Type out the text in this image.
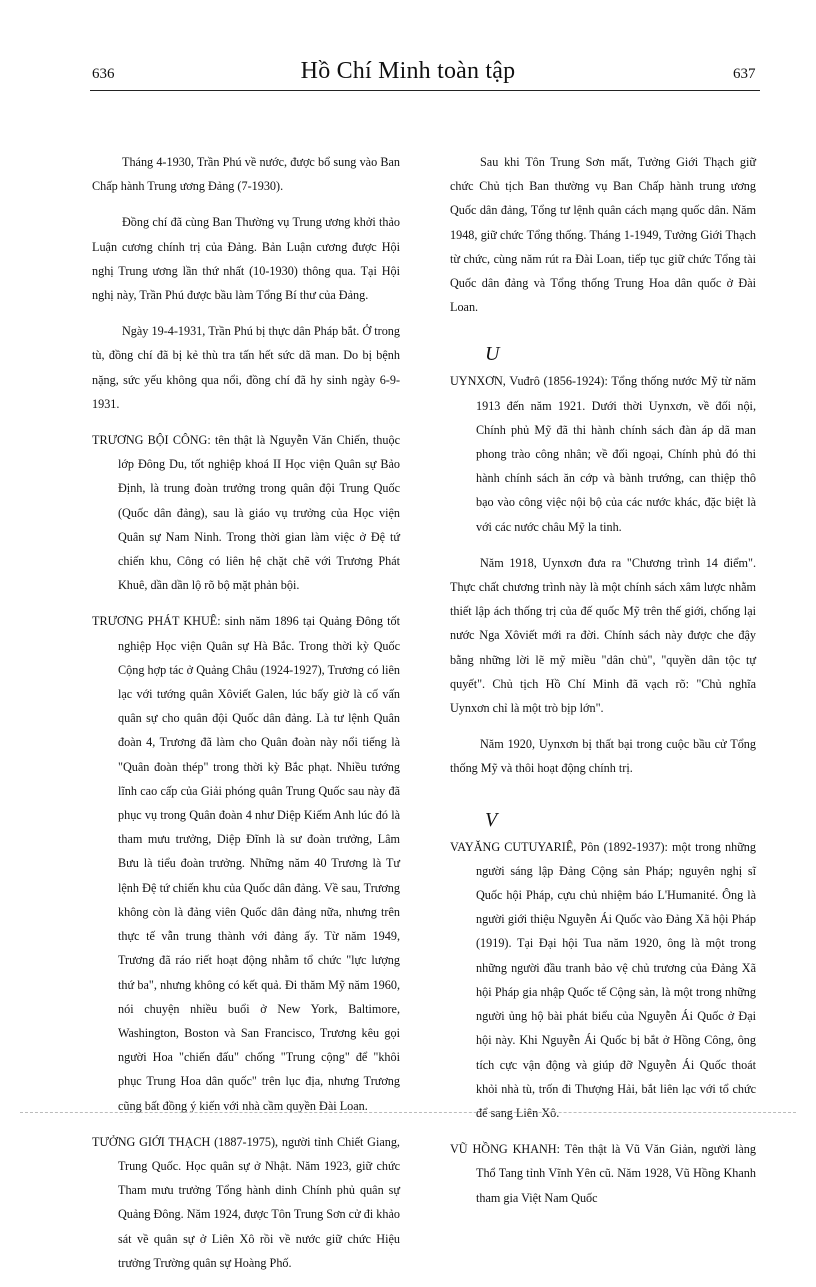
636	Hồ Chí Minh toàn tập	637

Tháng 4-1930, Trần Phú về nước, được bổ sung vào Ban Chấp hành Trung ương Đảng (7-1930).

Đồng chí đã cùng Ban Thường vụ Trung ương khởi thảo Luận cương chính trị của Đảng. Bản Luận cương được Hội nghị Trung ương lần thứ nhất (10-1930) thông qua. Tại Hội nghị này, Trần Phú được bầu làm Tổng Bí thư của Đảng.

Ngày 19-4-1931, Trần Phú bị thực dân Pháp bắt. Ở trong tù, đồng chí đã bị kẻ thù tra tấn hết sức dã man. Do bị bệnh nặng, sức yếu không qua nổi, đồng chí đã hy sinh ngày 6-9-1931.

TRƯƠNG BỘI CÔNG: tên thật là Nguyễn Văn Chiến, thuộc lớp Đông Du, tốt nghiệp khoá II Học viện Quân sự Bảo Định, là trung đoàn trưởng trong quân đội Trung Quốc (Quốc dân đảng), sau là giáo vụ trưởng của Học viện Quân sự Nam Ninh. Trong thời gian làm việc ở Đệ tứ chiến khu, Công có liên hệ chặt chẽ với Trương Phát Khuê, dần dần lộ rõ bộ mặt phản bội.

TRƯƠNG PHÁT KHUÊ: sinh năm 1896 tại Quảng Đông tốt nghiệp Học viện Quân sự Hà Bắc. Trong thời kỳ Quốc Cộng hợp tác ở Quảng Châu (1924-1927), Trương có liên lạc với tướng quân Xôviết Galen, lúc bấy giờ là cố vấn quân sự cho quân đội Quốc dân đảng. Là tư lệnh Quân đoàn 4, Trương đã làm cho Quân đoàn này nổi tiếng là "Quân đoàn thép" trong thời kỳ Bắc phạt. Nhiều tướng lĩnh cao cấp của Giải phóng quân Trung Quốc sau này đã phục vụ trong Quân đoàn 4 như Diệp Kiếm Anh lúc đó là tham mưu trưởng, Diệp Đĩnh là sư đoàn trưởng, Lâm Bưu là tiểu đoàn trưởng. Những năm 40 Trương là Tư lệnh Đệ tứ chiến khu của Quốc dân đảng. Về sau, Trương không còn là đảng viên Quốc dân đảng nữa, nhưng trên thực tế vẫn trung thành với đảng ấy. Từ năm 1949, Trương đã ráo riết hoạt động nhằm tổ chức "lực lượng thứ ba", nhưng không có kết quả. Đi thăm Mỹ năm 1960, nói chuyện nhiều buổi ở New York, Baltimore, Washington, Boston và San Francisco, Trương kêu gọi người Hoa "chiến đấu" chống "Trung cộng" để "khôi phục Trung Hoa dân quốc" trên lục địa, nhưng Trương cũng bất đồng ý kiến với nhà cầm quyền Đài Loan.

TƯỞNG GIỚI THẠCH (1887-1975), người tỉnh Chiết Giang, Trung Quốc. Học quân sự ở Nhật. Năm 1923, giữ chức Tham mưu trưởng Tổng hành dinh Chính phủ quân sự Quảng Đông. Năm 1924, được Tôn Trung Sơn cử đi khảo sát về quân sự ở Liên Xô rồi về nước giữ chức Hiệu trưởng Trường quân sự Hoàng Phố.

Sau khi Tôn Trung Sơn mất, Tưởng Giới Thạch giữ chức Chủ tịch Ban thường vụ Ban Chấp hành trung ương Quốc dân đảng, Tổng tư lệnh quân cách mạng quốc dân. Năm 1948, giữ chức Tổng thống. Tháng 1-1949, Tưởng Giới Thạch từ chức, cùng năm rút ra Đài Loan, tiếp tục giữ chức Tổng tài Quốc dân đảng và Tổng thống Trung Hoa dân quốc ở Đài Loan.

U

UYNXƠN, Vuđrô (1856-1924): Tổng thống nước Mỹ từ năm 1913 đến năm 1921. Dưới thời Uynxơn, về đối nội, Chính phủ Mỹ đã thi hành chính sách đàn áp dã man phong trào công nhân; về đối ngoại, Chính phủ đó thi hành chính sách ăn cớp và bành trướng, can thiệp thô bạo vào công việc nội bộ của các nước khác, đặc biệt là với các nước châu Mỹ la tinh.

Năm 1918, Uynxơn đưa ra "Chương trình 14 điểm". Thực chất chương trình này là một chính sách xâm lược nhằm thiết lập ách thống trị của đế quốc Mỹ trên thế giới, chống lại nước Nga Xôviết mới ra đời. Chính sách này được che đậy bằng những lời lẽ mỹ miều "dân chủ", "quyền dân tộc tự quyết". Chủ tịch Hồ Chí Minh đã vạch rõ: "Chủ nghĩa Uynxơn chỉ là một trò bịp lớn".

Năm 1920, Uynxơn bị thất bại trong cuộc bầu cử Tổng thống Mỹ và thôi hoạt động chính trị.

V

VAYĂNG CUTUYARIÊ, Pôn (1892-1937): một trong những người sáng lập Đảng Cộng sản Pháp; nguyên nghị sĩ Quốc hội Pháp, cựu chủ nhiệm báo L'Humanité. Ông là người giới thiệu Nguyễn Ái Quốc vào Đảng Xã hội Pháp (1919). Tại Đại hội Tua năm 1920, ông là một trong những người đầu tranh bảo vệ chủ trương của Đảng Xã hội Pháp gia nhập Quốc tế Cộng sản, là một trong những người ủng hộ bài phát biểu của Nguyễn Ái Quốc ở Đại hội này. Khi Nguyễn Ái Quốc bị bắt ở Hồng Công, ông tích cực vận động và giúp đỡ Nguyễn Ái Quốc thoát khỏi nhà tù, trốn đi Thượng Hải, bắt liên lạc với tổ chức để sang Liên Xô.

VŨ HỒNG KHANH: Tên thật là Vũ Văn Giản, người làng Thổ Tang tỉnh Vĩnh Yên cũ. Năm 1928, Vũ Hồng Khanh tham gia Việt Nam Quốc
